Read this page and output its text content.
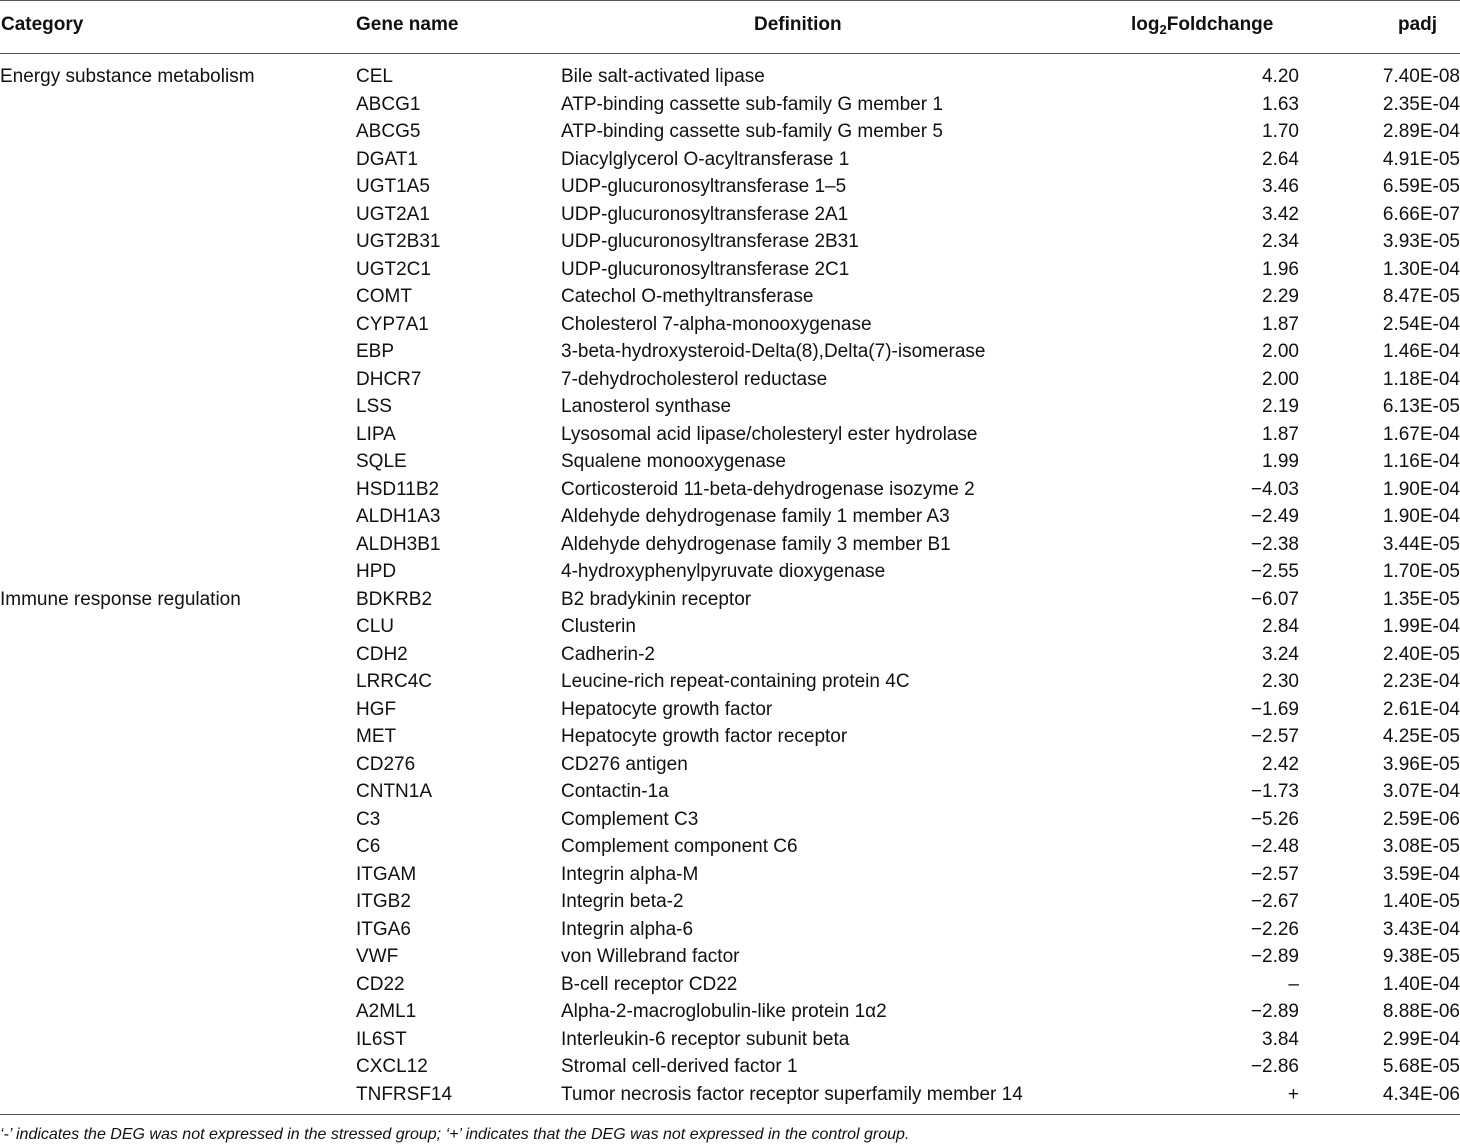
Category	Gene name	Definition	$\log_2Foldchange$	padj
Energy substance metabolism	CEL	Bile salt-activated lipase	4.20	7.40E-08
	ABCG1	ATP-binding cassette sub-family G member 1	1.63	2.35E-04
	ABCG5	ATP-binding cassette sub-family G member 5	1.70	2.89E-04
	DGAT1	Diacylglycerol O-acyltransferase 1	2.64	4.91E-05
	UGT1A5	UDP-glucuronosyltransferase 1–5	3.46	6.59E-05
	UGT2A1	UDP-glucuronosyltransferase 2A1	3.42	6.66E-07
	UGT2B31	UDP-glucuronosyltransferase 2B31	2.34	3.93E-05
	UGT2C1	UDP-glucuronosyltransferase 2C1	1.96	1.30E-04
	COMT	Catechol O-methyltransferase	2.29	8.47E-05
	CYP7A1	Cholesterol 7-alpha-monooxygenase	1.87	2.54E-04
	EBP	3-beta-hydroxysteroid-Delta(8),Delta(7)-isomerase	2.00	1.46E-04
	DHCR7	7-dehydrocholesterol reductase	2.00	1.18E-04
	LSS	Lanosterol synthase	2.19	6.13E-05
	LIPA	Lysosomal acid lipase/cholesteryl ester hydrolase	1.87	1.67E-04
	SQLE	Squalene monooxygenase	1.99	1.16E-04
	HSD11B2	Corticosteroid 11-beta-dehydrogenase isozyme 2	−4.03	1.90E-04
	ALDH1A3	Aldehyde dehydrogenase family 1 member A3	−2.49	1.90E-04
	ALDH3B1	Aldehyde dehydrogenase family 3 member B1	−2.38	3.44E-05
	HPD	4-hydroxyphenylpyruvate dioxygenase	−2.55	1.70E-05
Immune response regulation	BDKRB2	B2 bradykinin receptor	−6.07	1.35E-05
	CLU	Clusterin	2.84	1.99E-04
	CDH2	Cadherin-2	3.24	2.40E-05
	LRRC4C	Leucine-rich repeat-containing protein 4C	2.30	2.23E-04
	HGF	Hepatocyte growth factor	−1.69	2.61E-04
	MET	Hepatocyte growth factor receptor	−2.57	4.25E-05
	CD276	CD276 antigen	2.42	3.96E-05
	CNTN1A	Contactin-1a	−1.73	3.07E-04
	C3	Complement C3	−5.26	2.59E-06
	C6	Complement component C6	−2.48	3.08E-05
	ITGAM	Integrin alpha-M	−2.57	3.59E-04
	ITGB2	Integrin beta-2	−2.67	1.40E-05
	ITGA6	Integrin alpha-6	−2.26	3.43E-04
	VWF	von Willebrand factor	−2.89	9.38E-05
	CD22	B-cell receptor CD22	–	1.40E-04
	A2ML1	Alpha-2-macroglobulin-like protein 1α2	−2.89	8.88E-06
	IL6ST	Interleukin-6 receptor subunit beta	3.84	2.99E-04
	CXCL12	Stromal cell-derived factor 1	−2.86	5.68E-05
	TNFRSF14	Tumor necrosis factor receptor superfamily member 14	+	4.34E-06
‘-’ indicates the DEG was not expressed in the stressed group; ‘+’ indicates that the DEG was not expressed in the control group.
